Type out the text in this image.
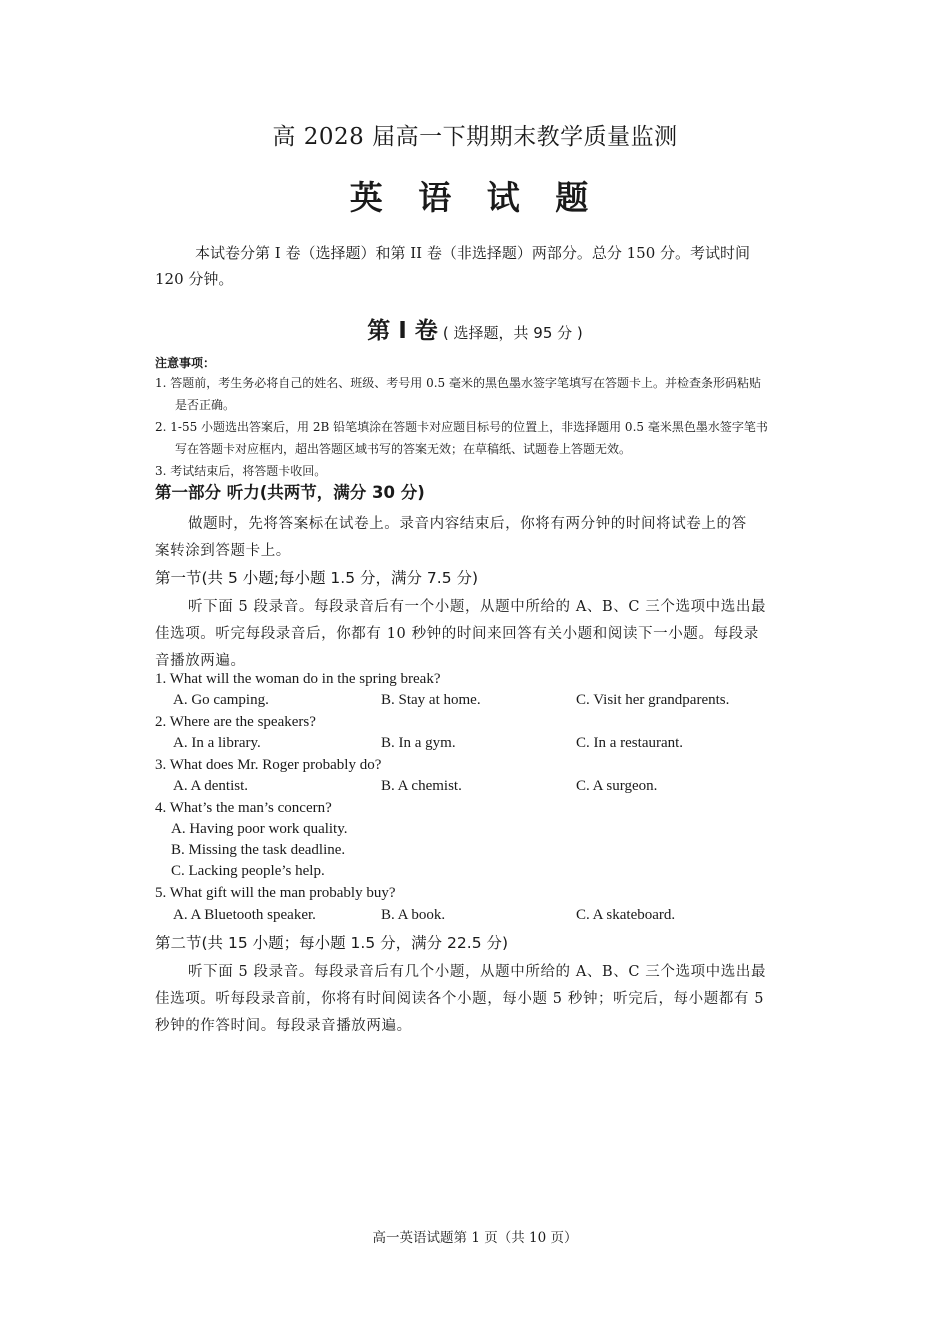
高 2028 届高一下期期末教学质量监测
英 语 试 题
本试卷分第 I 卷（选择题）和第 II 卷（非选择题）两部分。总分 150 分。考试时间
120 分钟。
第 Ⅰ 卷 ( 选择题，共 95 分 )
注意事项：
1. 答题前，考生务必将自己的姓名、班级、考号用 0.5 毫米的黑色墨水签字笔填写在答题卡上。并检查条形码粘贴
是否正确。
2. 1-55 小题选出答案后，用 2B 铅笔填涂在答题卡对应题目标号的位置上，非选择题用 0.5 毫米黑色墨水签字笔书
写在答题卡对应框内，超出答题区域书写的答案无效；在草稿纸、试题卷上答题无效。
3. 考试结束后，将答题卡收回。
第一部分 听力(共两节，满分 30 分)
做题时，先将答案标在试卷上。录音内容结束后，你将有两分钟的时间将试卷上的答
案转涂到答题卡上。
第一节(共 5 小题;每小题 1.5 分，满分 7.5 分)
听下面 5 段录音。每段录音后有一个小题，从题中所给的 A、B、C 三个选项中选出最
佳选项。听完每段录音后，你都有 10 秒钟的时间来回答有关小题和阅读下一小题。每段录
音播放两遍。
1. What will the woman do in the spring break?
A. Go camping.	B. Stay at home.	C. Visit her grandparents.
2. Where are the speakers?
A. In a library.	B. In a gym.	C. In a restaurant.
3. What does Mr. Roger probably do?
A. A dentist.	B. A chemist.	C. A surgeon.
4. What’s the man’s concern?
A. Having poor work quality.
B. Missing the task deadline.
C. Lacking people’s help.
5. What gift will the man probably buy?
A. A Bluetooth speaker.	B. A book.	C. A skateboard.
第二节(共 15 小题；每小题 1.5 分，满分 22.5 分)
听下面 5 段录音。每段录音后有几个小题，从题中所给的 A、B、C 三个选项中选出最
佳选项。听每段录音前，你将有时间阅读各个小题，每小题 5 秒钟；听完后，每小题都有 5
秒钟的作答时间。每段录音播放两遍。
高一英语试题第 1 页（共 10 页）
